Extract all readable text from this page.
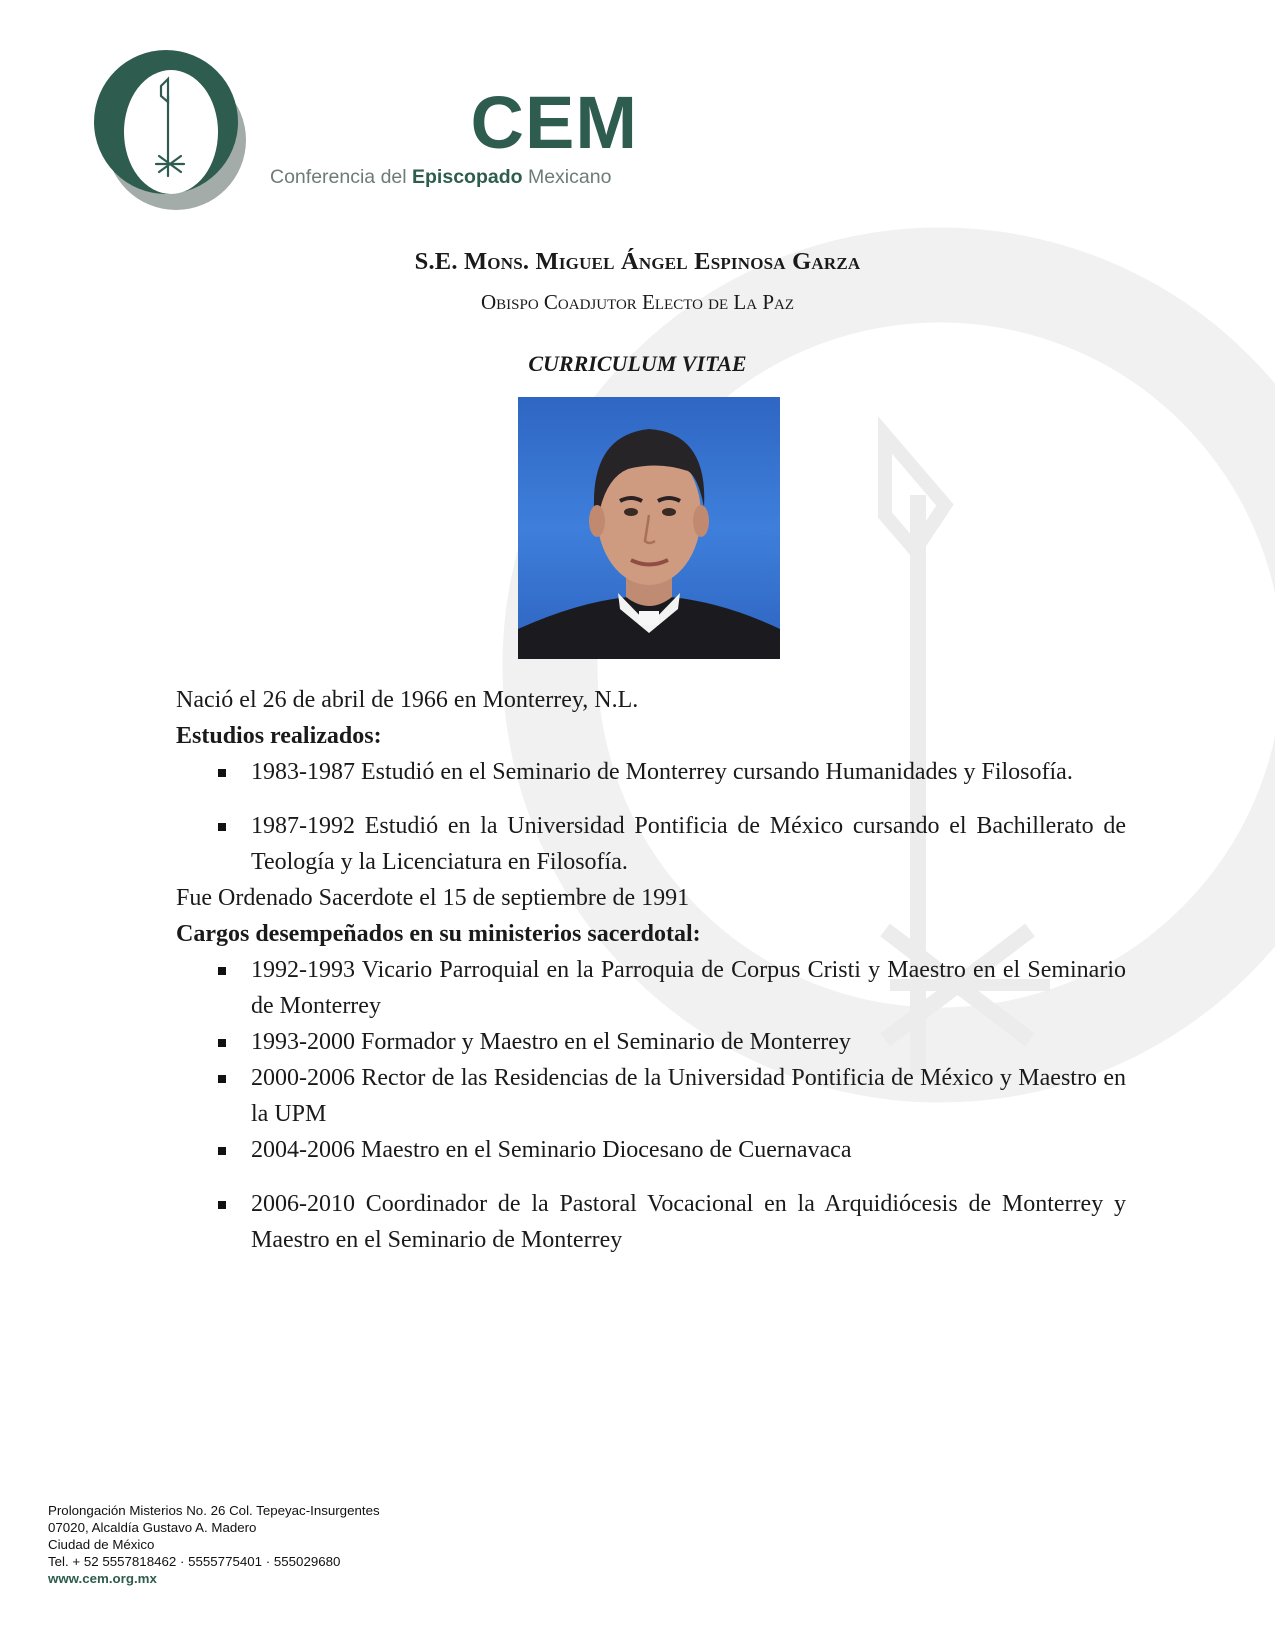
CEM
Conferencia del Episcopado Mexicano
S.E. Mons. Miguel Ángel Espinosa Garza
Obispo Coadjutor Electo de La Paz
CURRICULUM VITAE

Nació el 26 de abril de 1966 en Monterrey, N.L.

Estudios realizados:

1983-1987 Estudió en el Seminario de Monterrey cursando Humanidades y Filosofía.
1987-1992 Estudió en la Universidad Pontificia de México cursando el Bachillerato de Teología y la Licenciatura en Filosofía.

Fue Ordenado Sacerdote el 15 de septiembre de 1991

Cargos desempeñados en su ministerios sacerdotal:

1992-1993 Vicario Parroquial en la Parroquia de Corpus Cristi y Maestro en el Seminario de Monterrey
1993-2000 Formador y Maestro en el Seminario de Monterrey
2000-2006 Rector de las Residencias de la Universidad Pontificia de México y Maestro en la UPM
2004-2006 Maestro en el Seminario Diocesano de Cuernavaca
2006-2010 Coordinador de la Pastoral Vocacional en la Arquidiócesis de Monterrey y Maestro en el Seminario de Monterrey
Prolongación Misterios No. 26 Col. Tepeyac-Insurgentes
07020, Alcaldía Gustavo A. Madero
Ciudad de México
Tel. + 52 5557818462 · 5555775401 · 555029680
www.cem.org.mx
